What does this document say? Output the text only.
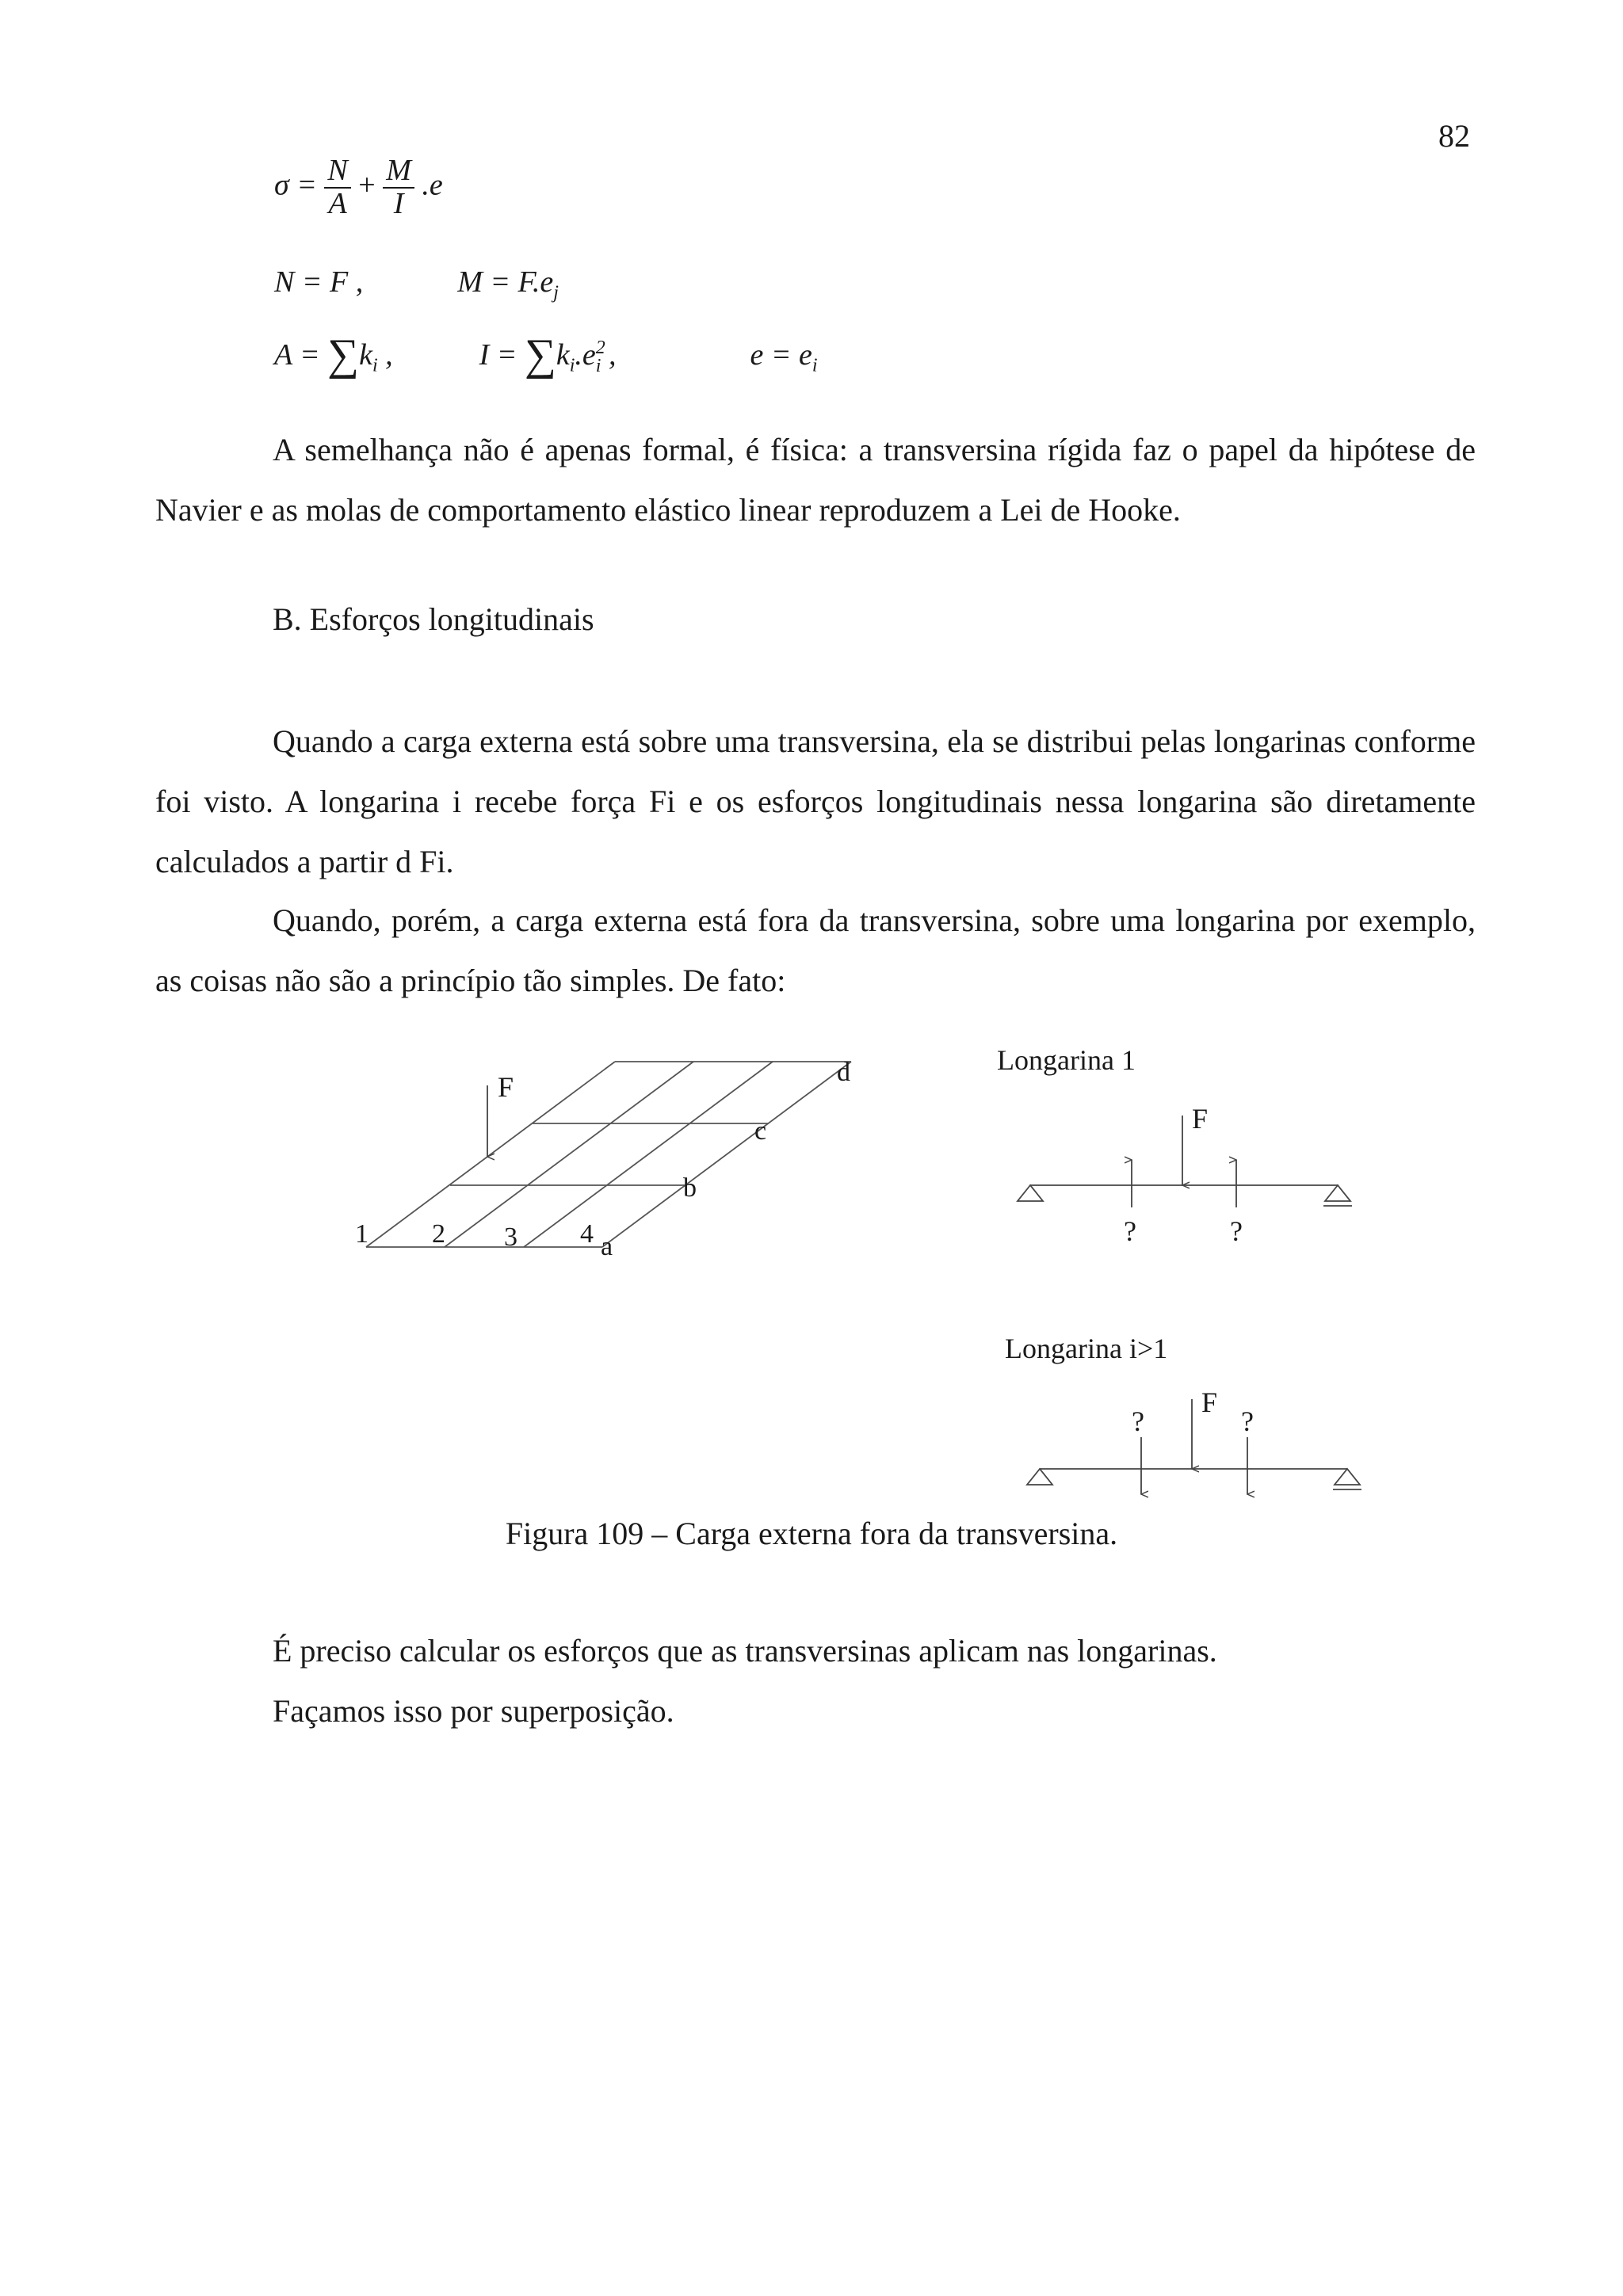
82
$\sigma = \frac{N}{A} + \frac{M}{I} .e$
N = F ,	$M = F.e_j$
$A = \sum k_i$ ,	$I = \sum k_i.e^2_i$ ,	$e = e_i$

A semelhança não é apenas formal, é física: a transversina rígida faz o papel da hipótese de Navier e as molas de comportamento elástico linear reproduzem a Lei de Hooke.

B. Esforços longitudinais

Quando a carga externa está sobre uma transversina, ela se distribui pelas longarinas conforme foi visto. A longarina i recebe força Fi e os esforços longitudinais nessa longarina são diretamente calculados a partir d Fi.

Quando, porém, a carga externa está fora da transversina, sobre uma longarina por exemplo, as coisas não são a princípio tão simples. De fato:

F
1 2 3 4 a
b
c
d	Longarina 1
F
?	?
Longarina i>1
F
?	?
Figura 109 – Carga externa fora da transversina.
É preciso calcular os esforços que as transversinas aplicam nas longarinas.
Façamos isso por superposição.
